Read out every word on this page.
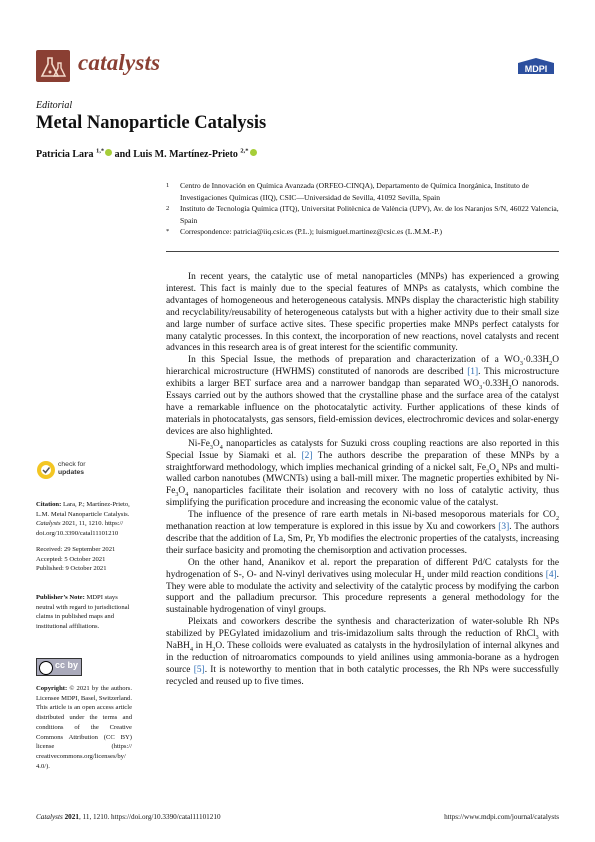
catalysts	MDPI
Editorial
Metal Nanoparticle Catalysis
Patricia Lara $^{1,*}$ and Luis M. Martínez-Prieto $^{2,*}$
1 Centro de Innovación en Química Avanzada (ORFEO-CINQA), Departamento de Química Inorgánica, Instituto de Investigaciones Químicas (IIQ), CSIC—Universidad de Sevilla, 41092 Sevilla, Spain
2 Instituto de Tecnología Química (ITQ), Universitat Politècnica de València (UPV), Av. de los Naranjos S/N, 46022 Valencia, Spain
* Correspondence: patricia@iiq.csic.es (P.L.); luismiguel.martinez@csic.es (L.M.M.-P.)
check for
updates
Citation: Lara, P.; Martínez-Prieto, L.M. Metal Nanoparticle Catalysis. Catalysts 2021, 11, 1210. https:// doi.org/10.3390/catal11101210
Received: 29 September 2021
Accepted: 5 October 2021
Published: 9 October 2021
Publisher’s Note: MDPI stays neutral with regard to jurisdictional claims in published maps and institutional affiliations.
cc by
Copyright: © 2021 by the authors. Licensee MDPI, Basel, Switzerland. This article is an open access article distributed under the terms and conditions of the Creative Commons Attribution (CC BY) license (https:// creativecommons.org/licenses/by/ 4.0/).

In recent years, the catalytic use of metal nanoparticles (MNPs) has experienced a growing interest. This fact is mainly due to the special features of MNPs as catalysts, which combine the advantages of homogeneous and heterogeneous catalysis. MNPs display the characteristic high stability and recyclability/reusability of heterogeneous catalysts but with a higher activity due to their small size and large number of surface active sites. These specific properties make MNPs perfect catalysts for many catalytic processes. In this context, the incorporation of new reactions, novel catalysts and recent advances in this research area is of great interest for the scientific community.

In this Special Issue, the methods of preparation and characterization of a $WO_3\cdot 0.33H_2O$ hierarchical microstructure (HWHMS) constituted of nanorods are described [1]. This microstructure exhibits a larger BET surface area and a narrower bandgap than separated $WO_3\cdot 0.33H_2O$ nanorods. Essays carried out by the authors showed that the crystalline phase and the surface area of the catalyst have a remarkable influence on the photocatalytic activity. Further applications of these kinds of materials in photocatalysts, gas sensors, field-emission devices, electrochromic devices and solar-energy devices are also highlighted.

$Ni-Fe_3O_4$ nanoparticles as catalysts for Suzuki cross coupling reactions are also reported in this Special Issue by Siamaki et al. [2] The authors describe the preparation of these MNPs by a straightforward methodology, which implies mechanical grinding of a nickel salt, $Fe_3O_4$ NPs and multi-walled carbon nanotubes (MWCNTs) using a ball-mill mixer. The magnetic properties exhibited by $Ni-Fe_3O_4$ nanoparticles facilitate their isolation and recovery with no loss of catalytic activity, thus simplifying the purification procedure and increasing the economic value of the catalyst.

The influence of the presence of rare earth metals in Ni-based mesoporous materials for $CO_2$ methanation reaction at low temperature is explored in this issue by Xu and coworkers [3]. The authors describe that the addition of La, Sm, Pr, Yb modifies the electronic properties of the catalysts, increasing their surface basicity and promoting the chemisorption and activation processes.

On the other hand, Ananikov et al. report the preparation of different Pd/C catalysts for the hydrogenation of S-, O- and N-vinyl derivatives using molecular $H_2$ under mild reaction conditions [4]. They were able to modulate the activity and selectivity of the catalytic process by modifying the carbon support and the palladium precursor. This procedure represents a general methodology for the sustainable hydrogenation of vinyl groups.

Pleixats and coworkers describe the synthesis and characterization of water-soluble Rh NPs stabilized by PEGylated imidazolium and tris-imidazolium salts through the reduction of RhCl$_3$ with NaBH$_4$ in $H_2O$. These colloids were evaluated as catalysts in the hydrosilylation of internal alkynes and in the reduction of nitroaromatics compounds to yield anilines using ammonia-borane as a hydrogen source [5]. It is noteworthy to mention that in both catalytic processes, the Rh NPs were successfully recycled and reused up to five times.

Catalysts 2021, 11, 1210. https://doi.org/10.3390/catal11101210	https://www.mdpi.com/journal/catalysts
